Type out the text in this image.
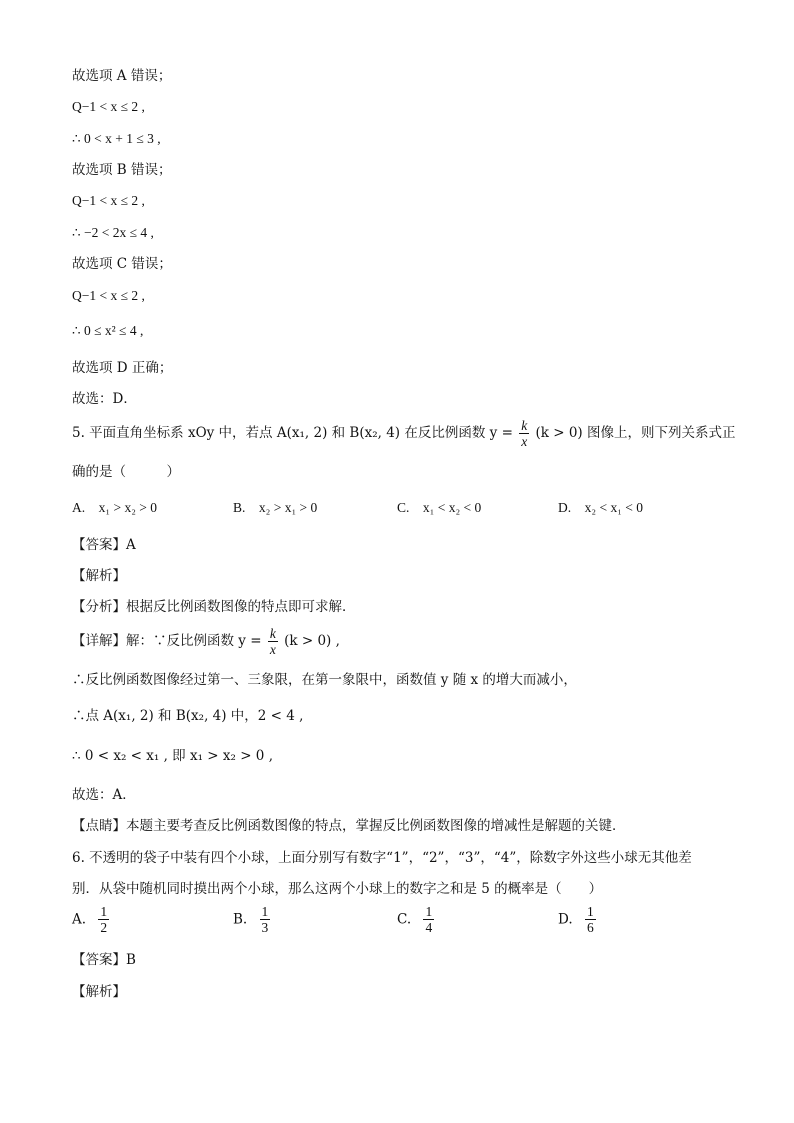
故选项 A 错误；
Q−1 < x ≤ 2 ,
∴ 0 < x + 1 ≤ 3 ,
故选项 B 错误；
Q−1 < x ≤ 2 ,
∴ −2 < 2x ≤ 4 ,
故选项 C 错误；
Q−1 < x ≤ 2 ,
∴ 0 ≤ x² ≤ 4 ,
故选项 D 正确；
故选：D．
5. 平面直角坐标系 xOy 中，若点 A(x₁, 2) 和 B(x₂, 4) 在反比例函数 $y = \frac{k}{x} (k > 0)$ 图像上，则下列关系式正
确的是（　　　）
A.　x₁ > x₂ > 0	B.　x₂ > x₁ > 0	C.　x₁ < x₂ < 0	D.　x₂ < x₁ < 0
【答案】A
【解析】
【分析】根据反比例函数图像的特点即可求解．
【详解】解：∵反比例函数 $y = \frac{k}{x} (k > 0)$ ,
∴反比例函数图像经过第一、三象限，在第一象限中，函数值 y 随 x 的增大而减小，
∴点 A(x₁, 2) 和 B(x₂, 4) 中，2 < 4 ,
∴ 0 < x₂ < x₁ , 即 x₁ > x₂ > 0 ,
故选：A．
【点睛】本题主要考查反比例函数图像的特点，掌握反比例函数图像的增减性是解题的关键．
6. 不透明的袋子中装有四个小球，上面分别写有数字“1”，“2”，“3”，“4”，除数字外这些小球无其他差
别．从袋中随机同时摸出两个小球，那么这两个小球上的数字之和是 5 的概率是（　　）
A. $\frac{1}{2}$	B. $\frac{1}{3}$	C. $\frac{1}{4}$	D. $\frac{1}{6}$
【答案】B
【解析】
